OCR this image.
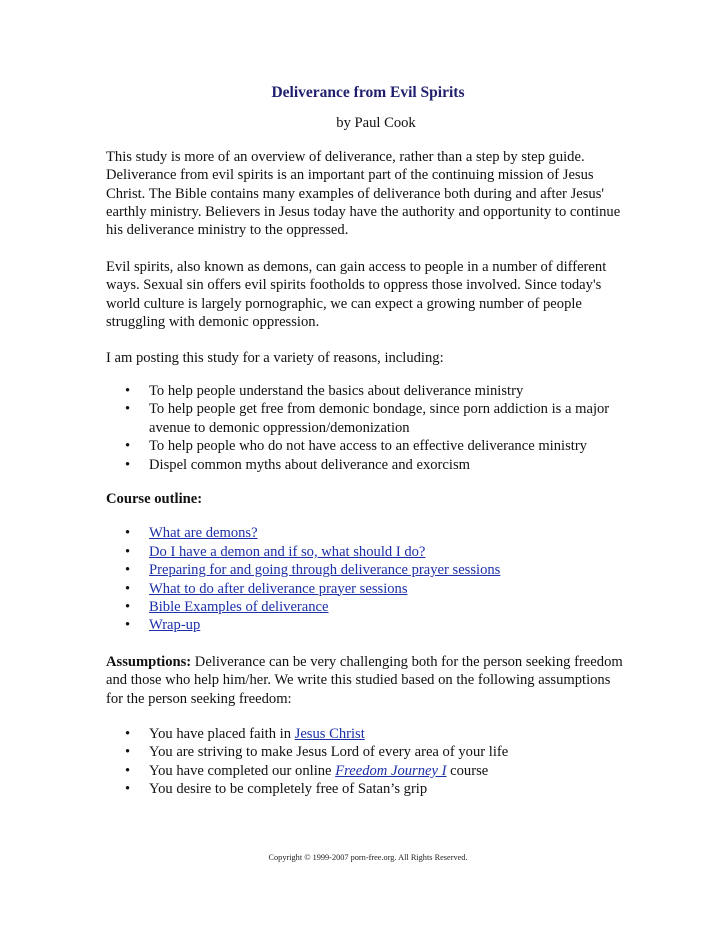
Deliverance from Evil Spirits
by Paul Cook

This study is more of an overview of deliverance, rather than a step by step guide. Deliverance from evil spirits is an important part of the continuing mission of Jesus Christ. The Bible contains many examples of deliverance both during and after Jesus' earthly ministry. Believers in Jesus today have the authority and opportunity to continue his deliverance ministry to the oppressed.

Evil spirits, also known as demons, can gain access to people in a number of different ways. Sexual sin offers evil spirits footholds to oppress those involved. Since today's world culture is largely pornographic, we can expect a growing number of people struggling with demonic oppression.

I am posting this study for a variety of reasons, including:

• To help people understand the basics about deliverance ministry
• To help people get free from demonic bondage, since porn addiction is a major avenue to demonic oppression/demonization
• To help people who do not have access to an effective deliverance ministry
• Dispel common myths about deliverance and exorcism

Course outline:

• What are demons?
• Do I have a demon and if so, what should I do?
• Preparing for and going through deliverance prayer sessions
• What to do after deliverance prayer sessions
• Bible Examples of deliverance
• Wrap-up

Assumptions: Deliverance can be very challenging both for the person seeking freedom and those who help him/her. We write this studied based on the following assumptions for the person seeking freedom:

• You have placed faith in Jesus Christ
• You are striving to make Jesus Lord of every area of your life
• You have completed our online Freedom Journey I course
• You desire to be completely free of Satan’s grip
Copyright © 1999-2007 porn-free.org. All Rights Reserved.
